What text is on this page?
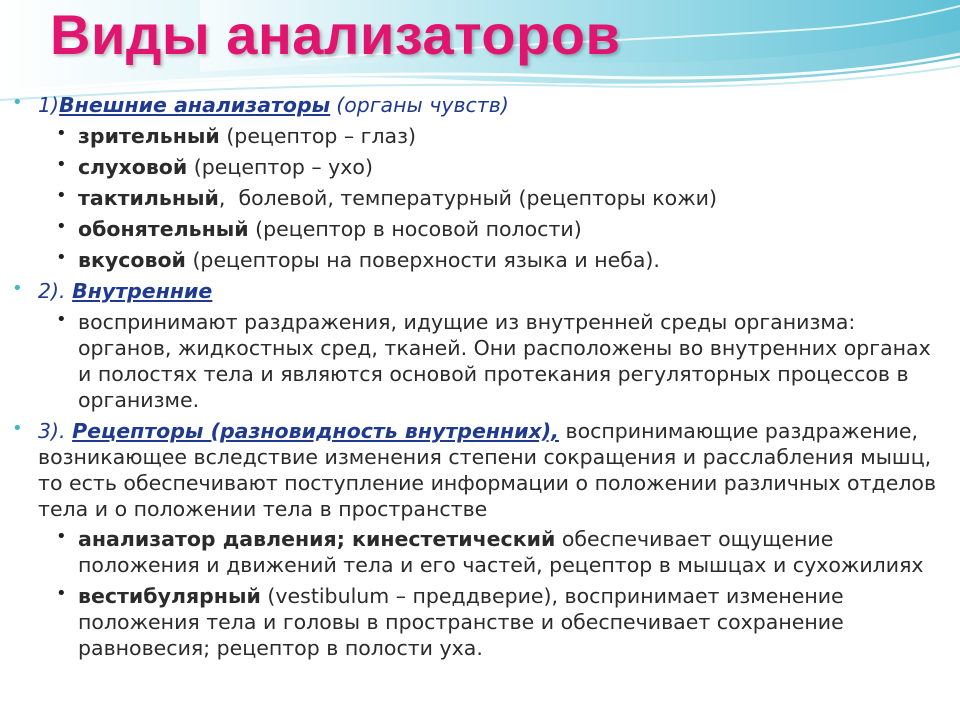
Виды анализаторов
• 1)Внешние анализаторы (органы чувств)
• зрительный (рецептор – глаз)
• слуховой (рецептор – ухо)
• тактильный,  болевой, температурный (рецепторы кожи)
• обонятельный (рецептор в носовой полости)
• вкусовой (рецепторы на поверхности языка и неба).
• 2). Внутренние
• воспринимают раздражения, идущие из внутренней среды организма: органов, жидкостных сред, тканей. Они расположены во внутренних органах и полостях тела и являются основой протекания регуляторных процессов в организме.
• 3). Рецепторы (разновидность внутренних), воспринимающие раздражение, возникающее вследствие изменения степени сокращения и расслабления мышц, то есть обеспечивают поступление информации о положении различных отделов тела и о положении тела в пространстве
• анализатор давления; кинестетический обеспечивает ощущение положения и движений тела и его частей, рецептор в мышцах и сухожилиях
• вестибулярный (vestibulum – преддверие), воспринимает изменение положения тела и головы в пространстве и обеспечивает сохранение равновесия; рецептор в полости уха.
